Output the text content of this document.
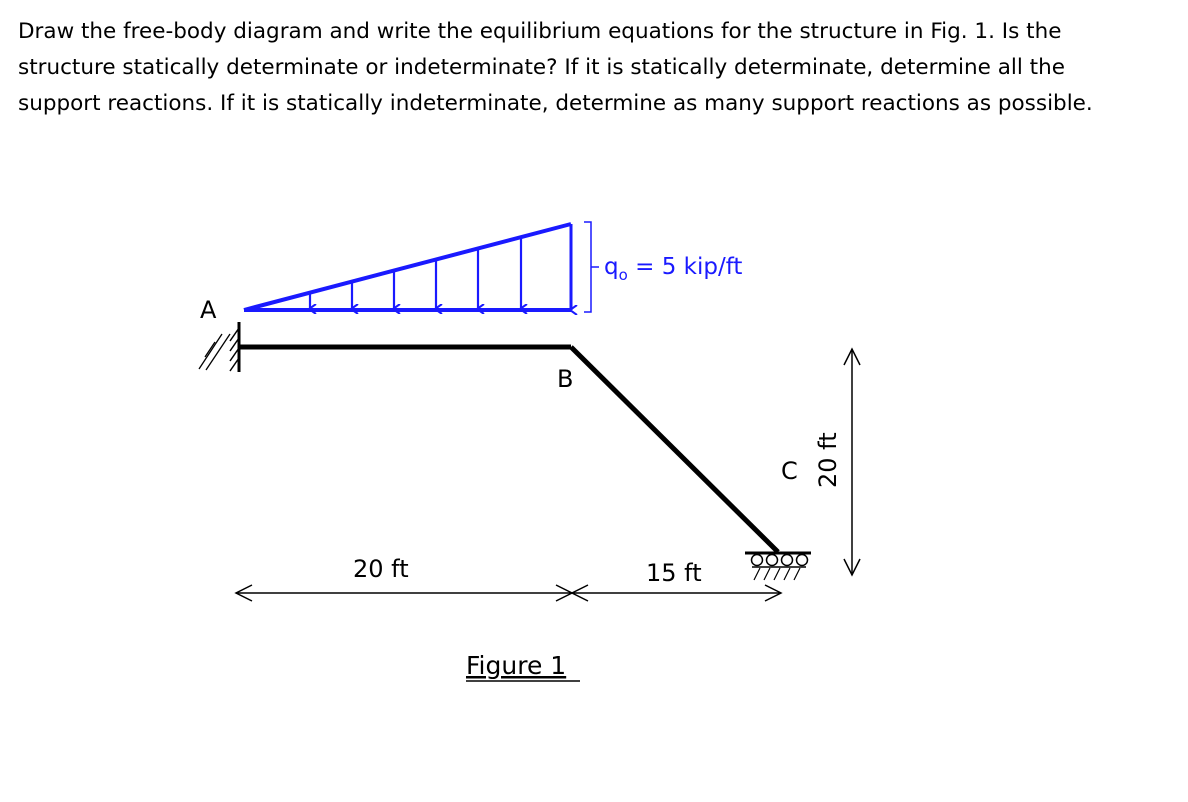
Draw the free-body diagram and write the equilibrium equations for the structure in Fig. 1. Is the
structure statically determinate or indeterminate? If it is statically determinate, determine all the
support reactions. If it is statically indeterminate, determine as many support reactions as possible.
$q_o = 5$ kip/ft
A
B
C
20 ft	15 ft
20 ft
Figure 1
